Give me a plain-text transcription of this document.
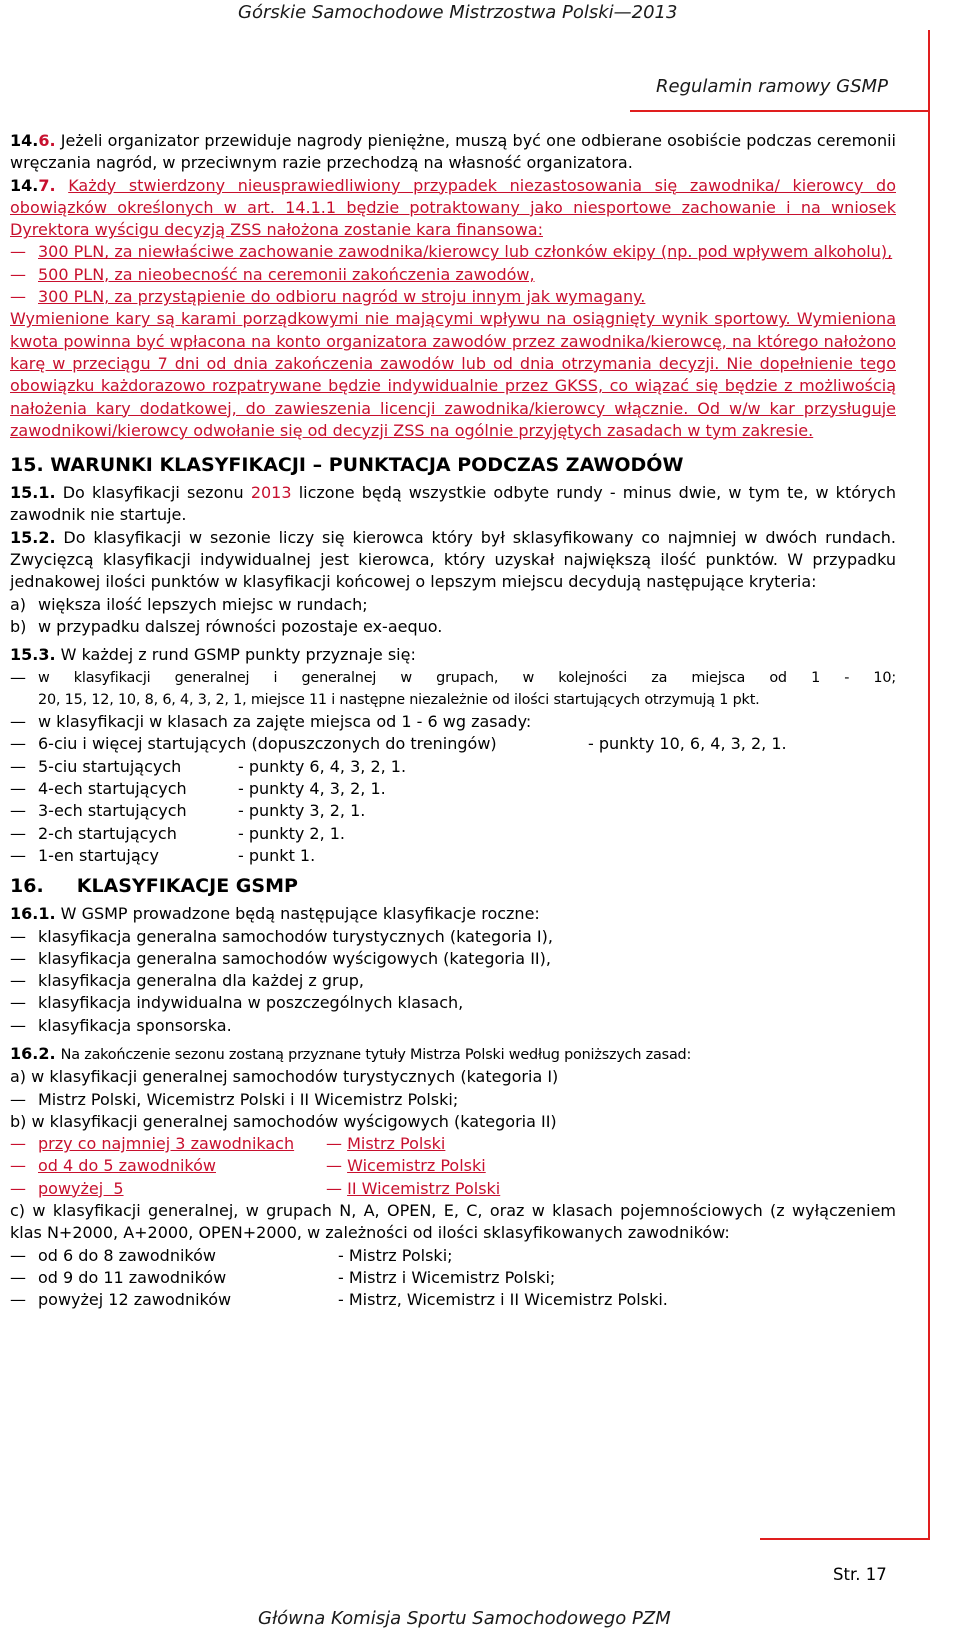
Górskie Samochodowe Mistrzostwa Polski—2013
Regulamin ramowy GSMP

14.6. Jeżeli organizator przewiduje nagrody pieniężne, muszą być one odbierane osobiście podczas ceremonii wręczania nagród, w przeciwnym razie przechodzą na własność organizatora.

14.7. Każdy stwierdzony nieusprawiedliwiony przypadek niezastosowania się zawodnika/ kierowcy do obowiązków określonych w art. 14.1.1 będzie potraktowany jako niesportowe zachowanie i na wniosek Dyrektora wyścigu decyzją ZSS nałożona zostanie kara finansowa:

— 300 PLN, za niewłaściwe zachowanie zawodnika/kierowcy lub członków ekipy (np. pod wpływem alkoholu),
— 500 PLN, za nieobecność na ceremonii zakończenia zawodów,
— 300 PLN, za przystąpienie do odbioru nagród w stroju innym jak wymagany.

Wymienione kary są karami porządkowymi nie mającymi wpływu na osiągnięty wynik sportowy. Wymieniona kwota powinna być wpłacona na konto organizatora zawodów przez zawodnika/kierowcę, na którego nałożono karę w przeciągu 7 dni od dnia zakończenia zawodów lub od dnia otrzymania decyzji. Nie dopełnienie tego obowiązku każdorazowo rozpatrywane będzie indywidualnie przez GKSS, co wiązać się będzie z możliwością nałożenia kary dodatkowej, do zawieszenia licencji zawodnika/kierowcy włącznie. Od w/w kar przysługuje zawodnikowi/kierowcy odwołanie się od decyzji ZSS na ogólnie przyjętych zasadach w tym zakresie.

15. WARUNKI KLASYFIKACJI – PUNKTACJA PODCZAS ZAWODÓW

15.1. Do klasyfikacji sezonu 2013 liczone będą wszystkie odbyte rundy - minus dwie, w tym te, w których zawodnik nie startuje.

15.2. Do klasyfikacji w sezonie liczy się kierowca który był sklasyfikowany co najmniej w dwóch rundach. Zwycięzcą klasyfikacji indywidualnej jest kierowca, który uzyskał największą ilość punktów. W przypadku jednakowej ilości punktów w klasyfikacji końcowej o lepszym miejscu decydują następujące kryteria:

a) większa ilość lepszych miejsc w rundach;
b) w przypadku dalszej równości pozostaje ex-aequo.

15.3. W każdej z rund GSMP punkty przyznaje się:

— w klasyfikacji generalnej i generalnej w grupach, w kolejności za miejsca od 1 - 10;
20, 15, 12, 10, 8, 6, 4, 3, 2, 1, miejsce 11 i następne niezależnie od ilości startujących otrzymują 1 pkt.
— w klasyfikacji w klasach za zajęte miejsca od 1 - 6 wg zasady:
— 6-ciu i więcej startujących (dopuszczonych do treningów)	- punkty 10, 6, 4, 3, 2, 1.
— 5-ciu startujących	- punkty 6, 4, 3, 2, 1.
— 4-ech startujących	- punkty 4, 3, 2, 1.
— 3-ech startujących	- punkty 3, 2, 1.
— 2-ch startujących	- punkty 2, 1.
— 1-en startujący	- punkt 1.
16.     KLASYFIKACJE GSMP

16.1. W GSMP prowadzone będą następujące klasyfikacje roczne:

— klasyfikacja generalna samochodów turystycznych (kategoria I),
— klasyfikacja generalna samochodów wyścigowych (kategoria II),
— klasyfikacja generalna dla każdej z grup,
— klasyfikacja indywidualna w poszczególnych klasach,
— klasyfikacja sponsorska.

16.2. Na zakończenie sezonu zostaną przyznane tytuły Mistrza Polski według poniższych zasad:

a) w klasyfikacji generalnej samochodów turystycznych (kategoria I)

— Mistrz Polski, Wicemistrz Polski i II Wicemistrz Polski;

b) w klasyfikacji generalnej samochodów wyścigowych (kategoria II)

— przy co najmniej 3 zawodnikach	— Mistrz Polski
— od 4 do 5 zawodników	— Wicemistrz Polski
— powyżej  5	— II Wicemistrz Polski

c) w klasyfikacji generalnej, w grupach N, A, OPEN, E, C, oraz w klasach pojemnościowych (z wyłączeniem klas N+2000, A+2000, OPEN+2000, w zależności od ilości sklasyfikowanych zawodników:

— od 6 do 8 zawodników	- Mistrz Polski;
— od 9 do 11 zawodników	- Mistrz i Wicemistrz Polski;
— powyżej 12 zawodników	- Mistrz, Wicemistrz i II Wicemistrz Polski.
Str. 17
Główna Komisja Sportu Samochodowego PZM
